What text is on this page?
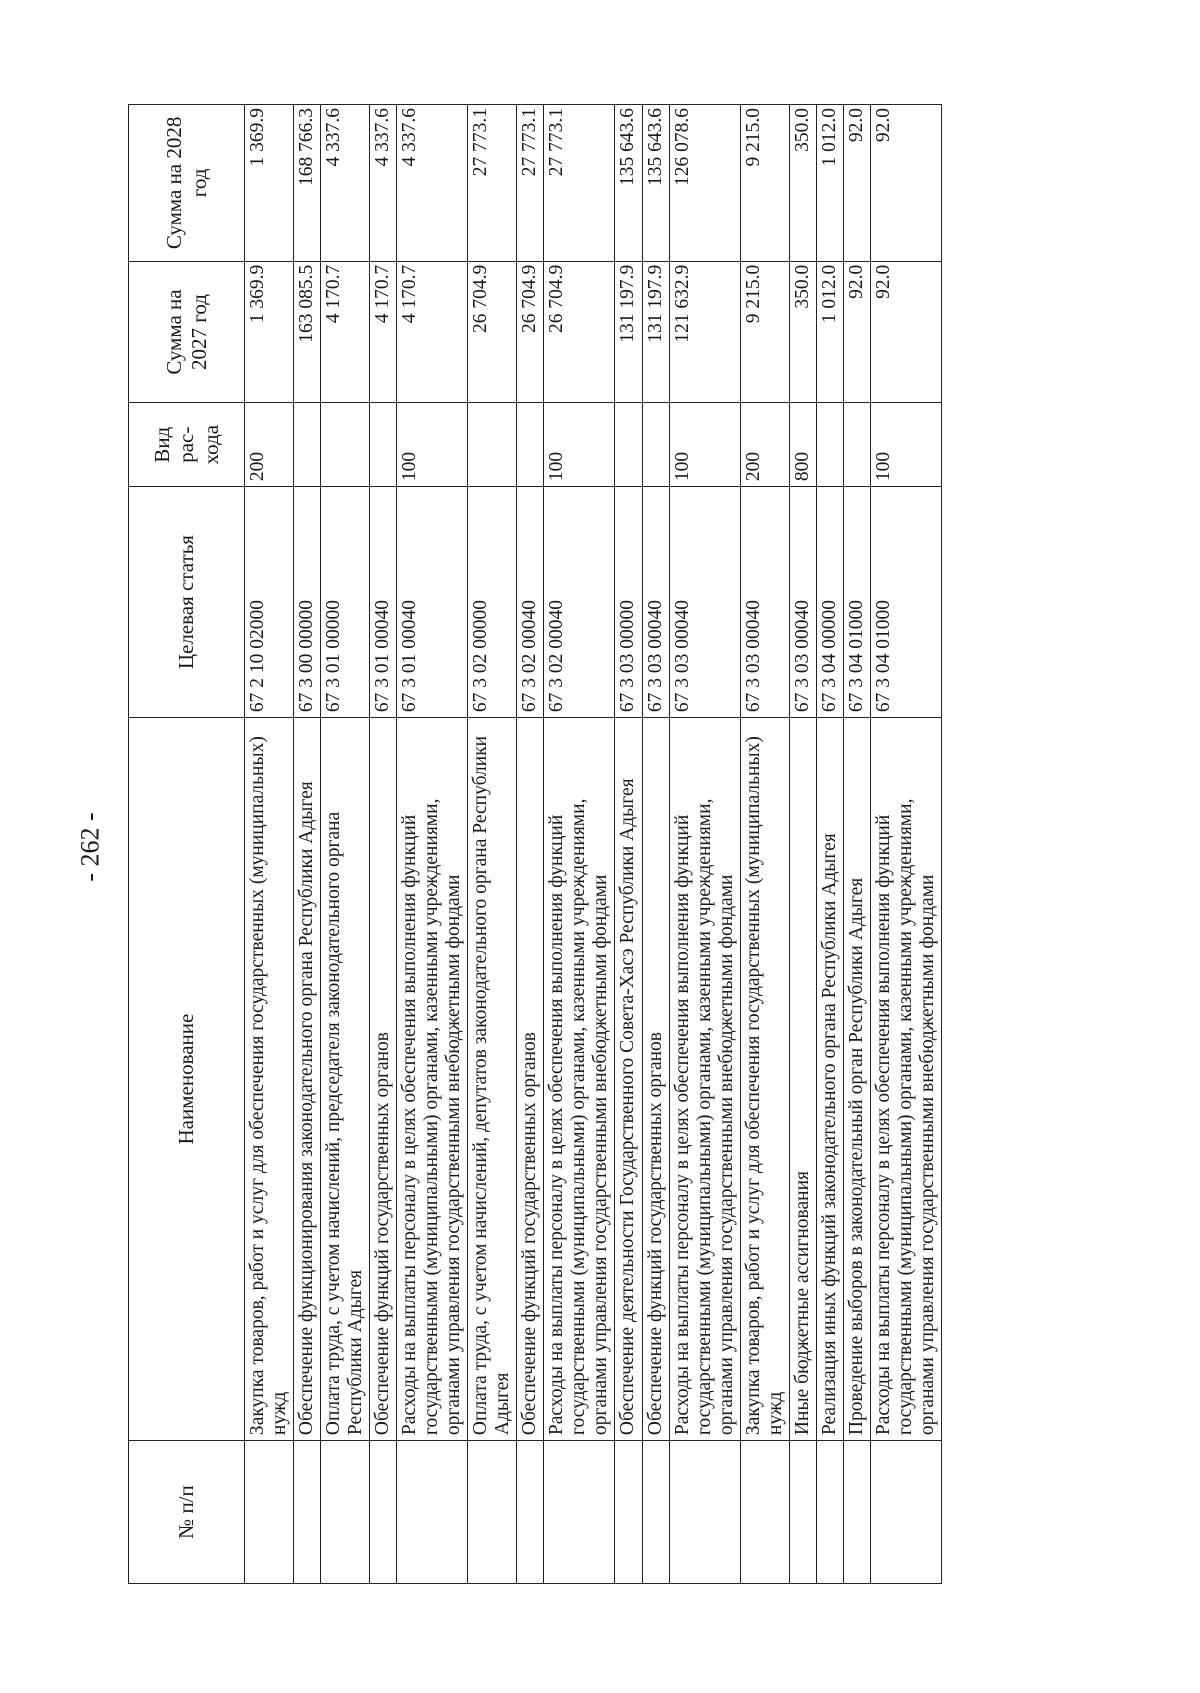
- 262 -
№ п/п	Наименование	Целевая статья	Вид рас-хода	Сумма на 2027 год	Сумма на 2028 год
	Закупка товаров, работ и услуг для обеспечения государственных (муниципальных) нужд	67 2 10 02000	200	1 369.9	1 369.9
	Обеспечение функционирования законодательного органа Республики Адыгея	67 3 00 00000		163 085.5	168 766.3
	Оплата труда, с учетом начислений, председателя законодательного органа Республики Адыгея	67 3 01 00000		4 170.7	4 337.6
	Обеспечение функций государственных органов	67 3 01 00040		4 170.7	4 337.6
	Расходы на выплаты персоналу в целях обеспечения выполнения функций государственными (муниципальными) органами, казенными учреждениями, органами управления государственными внебюджетными фондами	67 3 01 00040	100	4 170.7	4 337.6
	Оплата труда, с учетом начислений, депутатов законодательного органа Республики Адыгея	67 3 02 00000		26 704.9	27 773.1
	Обеспечение функций государственных органов	67 3 02 00040		26 704.9	27 773.1
	Расходы на выплаты персоналу в целях обеспечения выполнения функций государственными (муниципальными) органами, казенными учреждениями, органами управления государственными внебюджетными фондами	67 3 02 00040	100	26 704.9	27 773.1
	Обеспечение деятельности Государственного Совета-Хасэ Республики Адыгея	67 3 03 00000		131 197.9	135 643.6
	Обеспечение функций государственных органов	67 3 03 00040		131 197.9	135 643.6
	Расходы на выплаты персоналу в целях обеспечения выполнения функций государственными (муниципальными) органами, казенными учреждениями, органами управления государственными внебюджетными фондами	67 3 03 00040	100	121 632.9	126 078.6
	Закупка товаров, работ и услуг для обеспечения государственных (муниципальных) нужд	67 3 03 00040	200	9 215.0	9 215.0
	Иные бюджетные ассигнования	67 3 03 00040	800	350.0	350.0
	Реализация иных функций законодательного органа Республики Адыгея	67 3 04 00000		1 012.0	1 012.0
	Проведение выборов в законодательный орган Республики Адыгея	67 3 04 01000		92.0	92.0
	Расходы на выплаты персоналу в целях обеспечения выполнения функций государственными (муниципальными) органами, казенными учреждениями, органами управления государственными внебюджетными фондами	67 3 04 01000	100	92.0	92.0
